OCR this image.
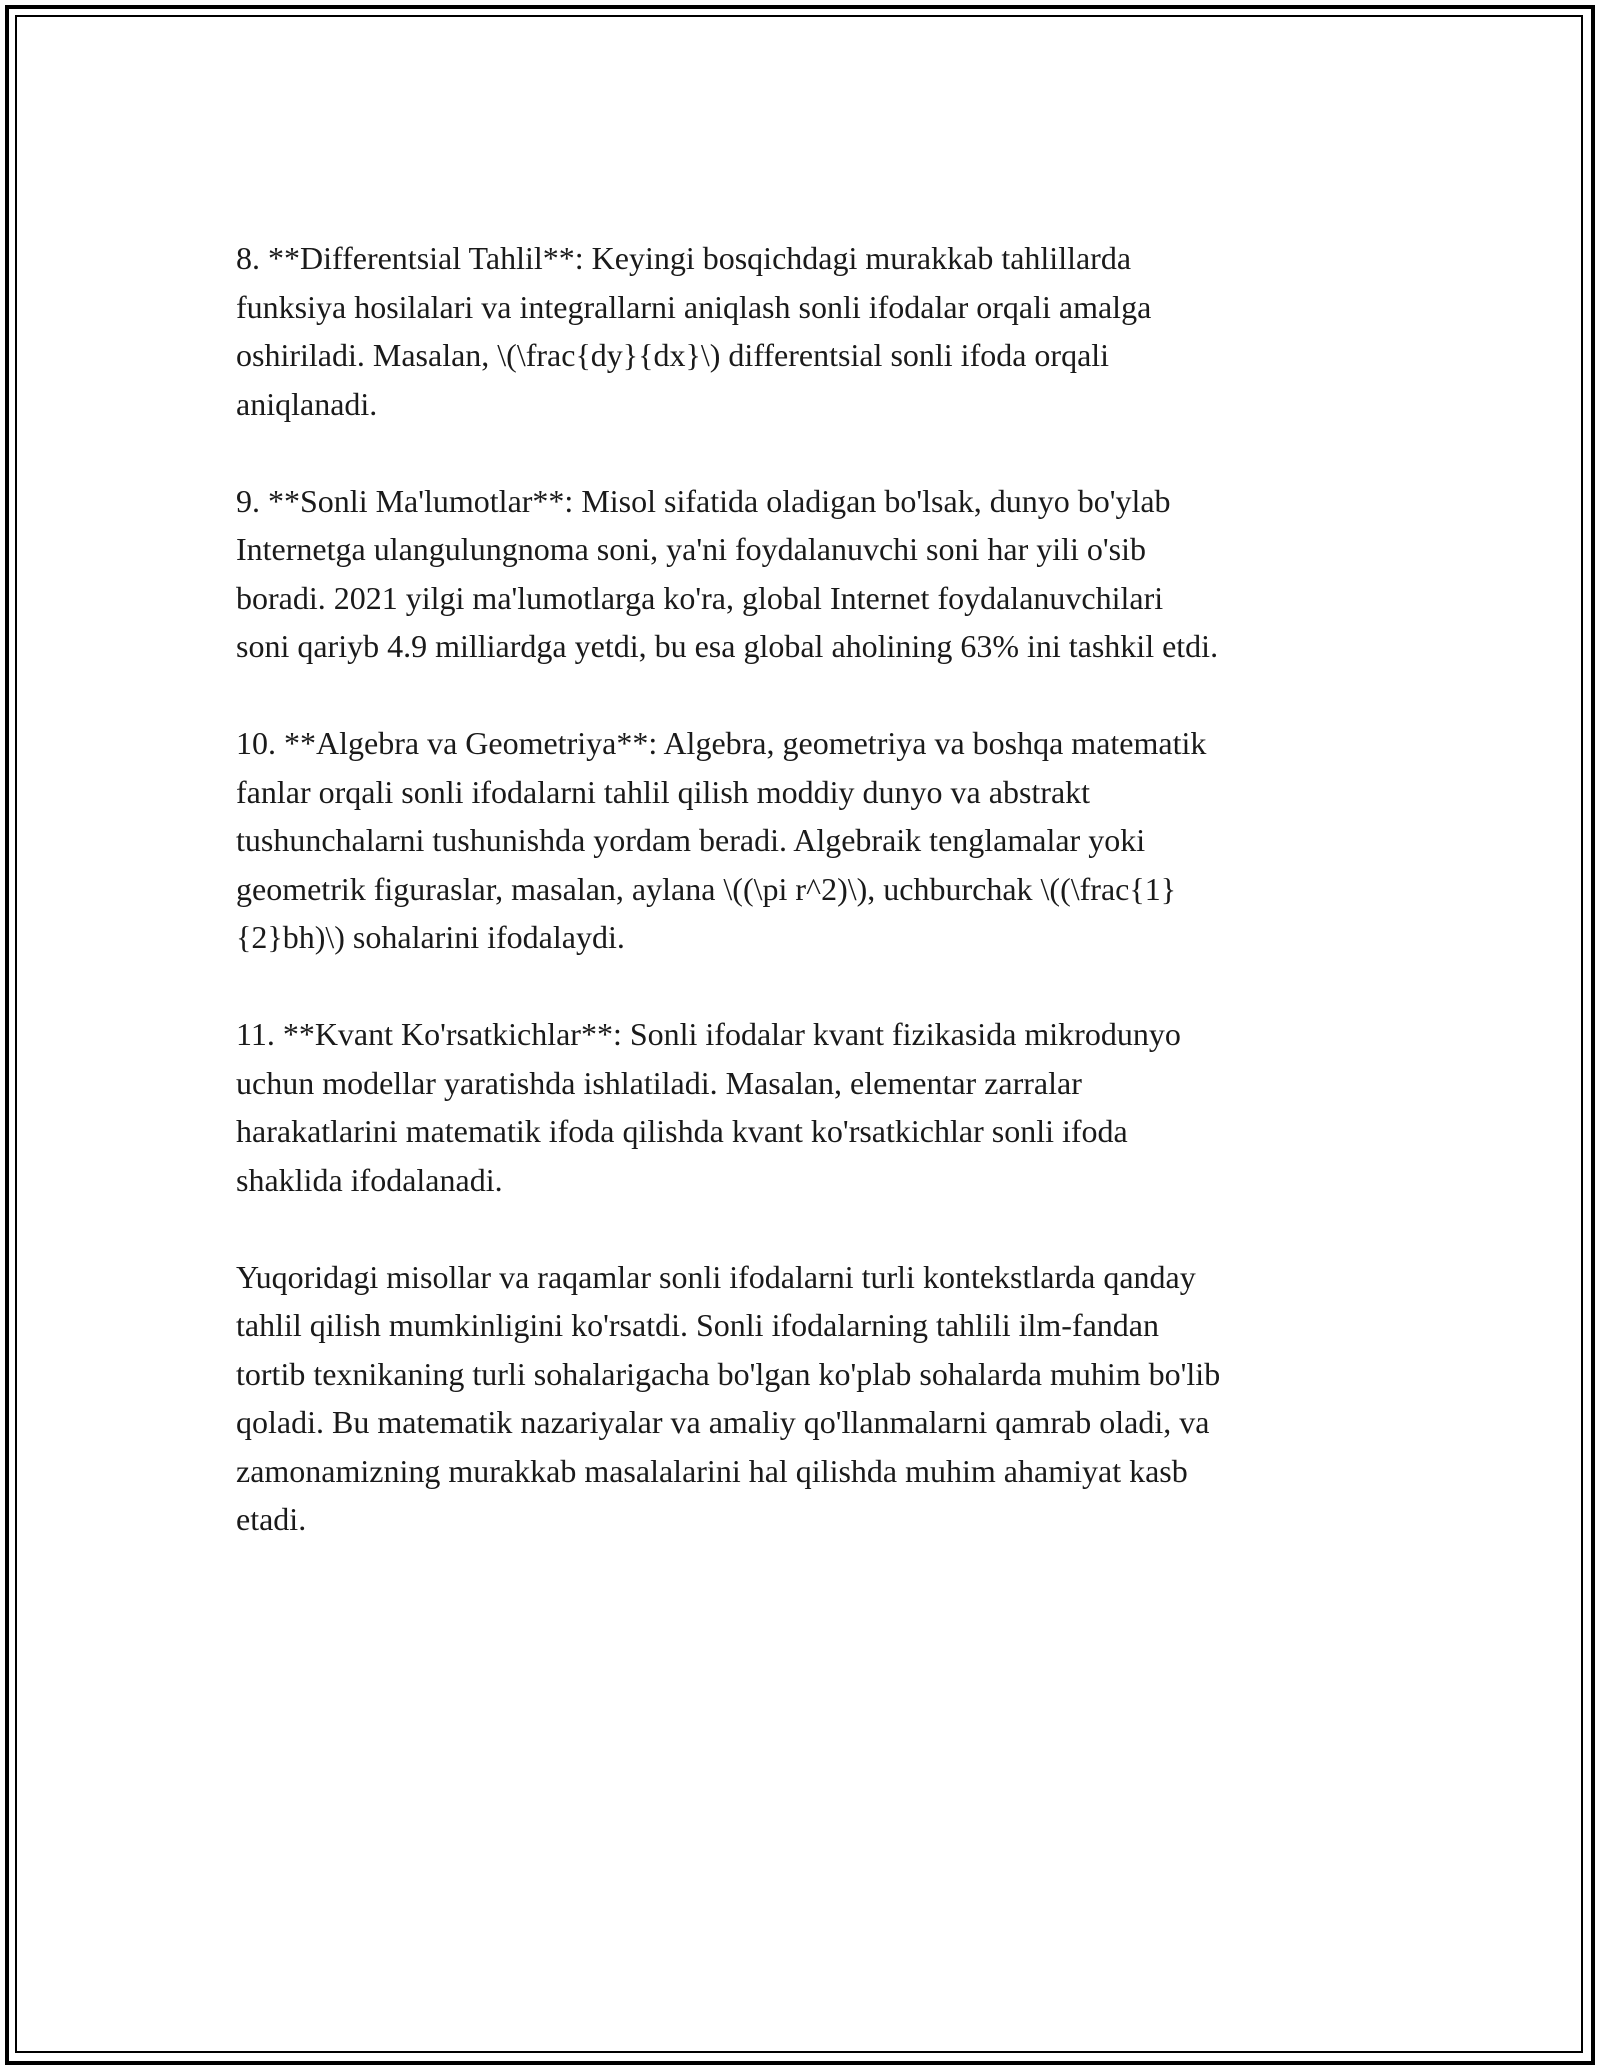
8. **Differentsial Tahlil**: Keyingi bosqichdagi murakkab tahlillarda
funksiya hosilalari va integrallarni aniqlash sonli ifodalar orqali amalga
oshiriladi. Masalan, \(\frac{dy}{dx}\) differentsial sonli ifoda orqali
aniqlanadi.

9. **Sonli Ma'lumotlar**: Misol sifatida oladigan bo'lsak, dunyo bo'ylab
Internetga ulangulungnoma soni, ya'ni foydalanuvchi soni har yili o'sib
boradi. 2021 yilgi ma'lumotlarga ko'ra, global Internet foydalanuvchilari
soni qariyb 4.9 milliardga yetdi, bu esa global aholining 63% ini tashkil etdi.

10. **Algebra va Geometriya**: Algebra, geometriya va boshqa matematik
fanlar orqali sonli ifodalarni tahlil qilish moddiy dunyo va abstrakt
tushunchalarni tushunishda yordam beradi. Algebraik tenglamalar yoki
geometrik figuraslar, masalan, aylana \((\pi r^2)\), uchburchak \((\frac{1}
{2}bh)\) sohalarini ifodalaydi.

11. **Kvant Ko'rsatkichlar**: Sonli ifodalar kvant fizikasida mikrodunyo
uchun modellar yaratishda ishlatiladi. Masalan, elementar zarralar
harakatlarini matematik ifoda qilishda kvant ko'rsatkichlar sonli ifoda
shaklida ifodalanadi.

Yuqoridagi misollar va raqamlar sonli ifodalarni turli kontekstlarda qanday
tahlil qilish mumkinligini ko'rsatdi. Sonli ifodalarning tahlili ilm-fandan
tortib texnikaning turli sohalarigacha bo'lgan ko'plab sohalarda muhim bo'lib
qoladi. Bu matematik nazariyalar va amaliy qo'llanmalarni qamrab oladi, va
zamonamizning murakkab masalalarini hal qilishda muhim ahamiyat kasb
etadi.
